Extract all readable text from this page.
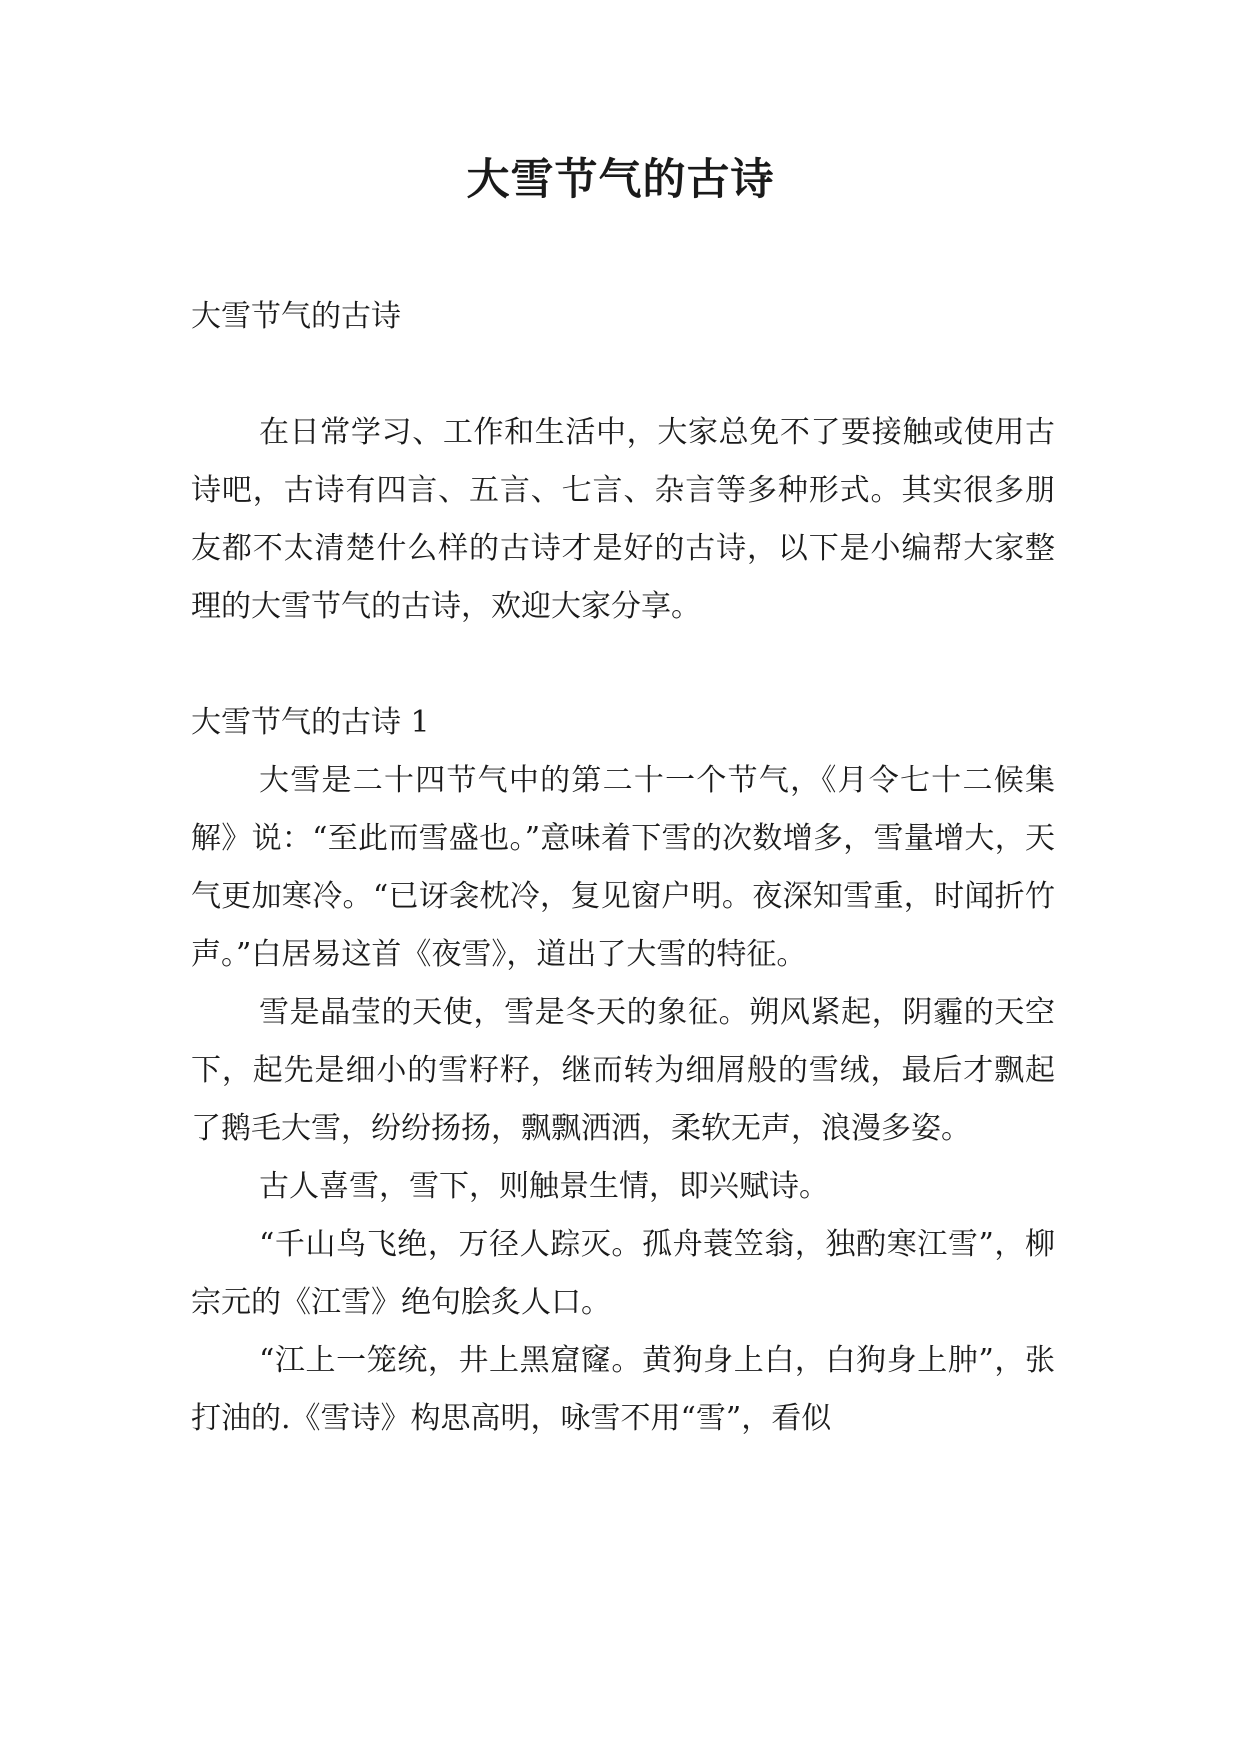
大雪节气的古诗

大雪节气的古诗

在日常学习、工作和生活中，大家总免不了要接触或使用古诗吧，古诗有四言、五言、七言、杂言等多种形式。其实很多朋友都不太清楚什么样的古诗才是好的古诗，以下是小编帮大家整理的大雪节气的古诗，欢迎大家分享。

大雪节气的古诗 1

大雪是二十四节气中的第二十一个节气，《月令七十二候集解》说：“至此而雪盛也。”意味着下雪的次数增多，雪量增大，天气更加寒冷。“已讶衾枕冷，复见窗户明。夜深知雪重，时闻折竹声。”白居易这首《夜雪》，道出了大雪的特征。

雪是晶莹的天使，雪是冬天的象征。朔风紧起，阴霾的天空下，起先是细小的雪籽籽，继而转为细屑般的雪绒，最后才飘起了鹅毛大雪，纷纷扬扬，飘飘洒洒，柔软无声，浪漫多姿。

古人喜雪，雪下，则触景生情，即兴赋诗。

“千山鸟飞绝，万径人踪灭。孤舟蓑笠翁，独酌寒江雪”，柳宗元的《江雪》绝句脍炙人口。

“江上一笼统，井上黑窟窿。黄狗身上白，白狗身上肿”，张打油的.《雪诗》构思高明，咏雪不用“雪”，看似
